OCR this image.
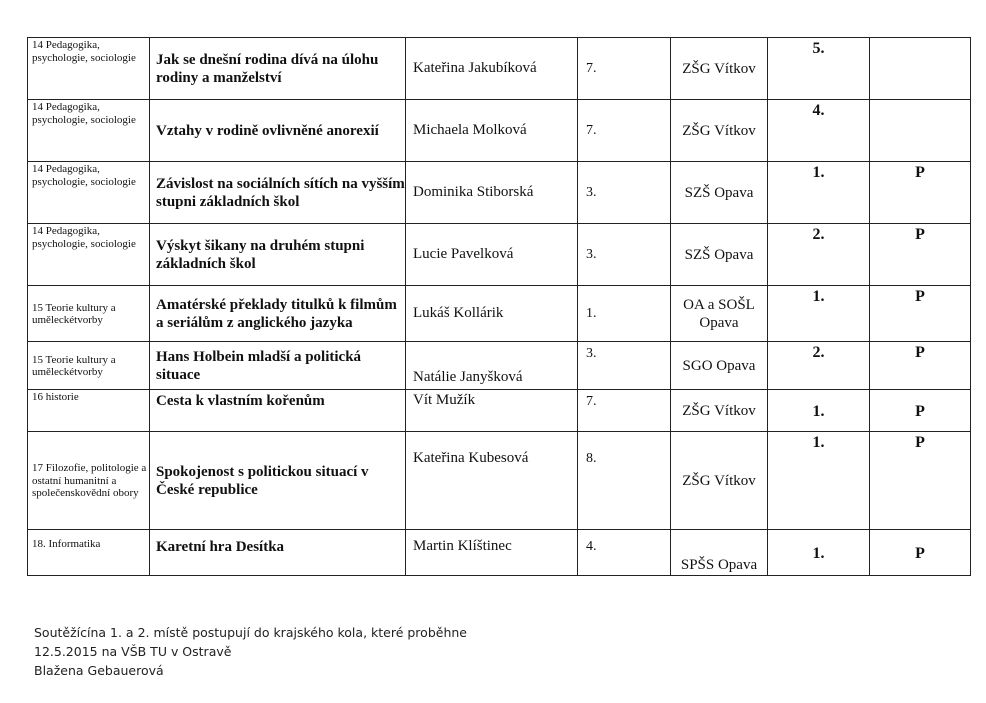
14 Pedagogika, psychologie, sociologie	Jak se dnešní rodina dívá na úlohu rodiny a manželství	Kateřina Jakubíková	7.	ZŠG Vítkov	5.	
14 Pedagogika, psychologie, sociologie	Vztahy v rodině ovlivněné anorexií	Michaela Molková	7.	ZŠG Vítkov	4.	
14 Pedagogika, psychologie, sociologie	Závislost na sociálních sítích na vyšším stupni základních škol	Dominika Stiborská	3.	SZŠ Opava	1.	P
14 Pedagogika, psychologie, sociologie	Výskyt šikany na druhém stupni základních škol	Lucie Pavelková	3.	SZŠ Opava	2.	P
15 Teorie kultury a uměleckétvorby	Amatérské překlady titulků k filmům a seriálům z anglického jazyka	Lukáš Kollárik	1.	OA a SOŠL Opava	1.	P
15 Teorie kultury a uměleckétvorby	Hans Holbein mladší a politická situace	Natálie Janyšková	3.	SGO Opava	2.	P
16 historie	Cesta k vlastním kořenům	Vít Mužík	7.	ZŠG Vítkov	1.	P
17 Filozofie, politologie a ostatní humanitní a společenskovědní obory	Spokojenost s politickou situací v České republice	Kateřina Kubesová	8.	ZŠG Vítkov	1.	P
18. Informatika	Karetní hra Desítka	Martin Klíštinec	4.	SPŠS Opava	1.	P
Soutěžícína 1. a 2. místě postupují do krajského kola, které proběhne
12.5.2015 na VŠB TU v Ostravě
Blažena Gebauerová
